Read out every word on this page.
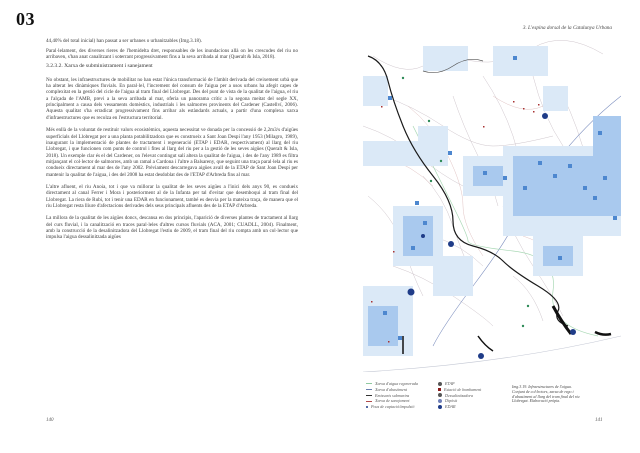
03	3. L'espina dorsal de la Catalunya Urbana

44,40% del total inicial) han passat a ser urbanes o urbanitzables (Img.3.18).

Paral·lelament, des diverses rieres de l'hemidelta dret, responsables de les inundacions allà on les crescudes del riu no arribaven, s'han anat canalitzant i soterrant progressivament fins a la seva arribada al mar (Queralt & Isla, 2018).

3.2.3.2. Xarxa de subministrament i sanejament

No obstant, les infraestructures de mobilitat no han estat l'única transformació de l'àmbit derivada del creixement urbà que ha alterat les dinàmiques fluvials. En paral·lel, l'increment del consum de l'aigua per a usos urbans ha afegit capes de complexitat en la gestió del cicle de l'aigua al tram final del Llobregat. Des del punt de vista de la qualitat de l'aigua, el riu a l'alçada de l'AMB, previ a la seva arribada al mar, oferia un panorama crític a la segona meitat del segle XX, principalment a causa dels vessaments domèstics, industrials i les salmorres provinents del Cardener (Castellví, 2006). Aquesta qualitat s'ha erradicat progressivament fins arribar als estàndards actuals, a partir d'una complexa xarxa d'infraestructures que es recolza en l'estructura territorial.

Més enllà de la voluntat de restituir valors ecosistèmics, aquesta necessitat ve donada per la concessió de 2,2m3/s d'aigües superficials del Llobregat per a una planta potabilitzadora que es construeix a Sant Joan Despí l'any 1953 (Milagro, 1989), inaugurant la implementació de plantes de tractament i regeneració (ETAP i EDAR, respectivament) al llarg del riu Llobregat, i que funcionen com punts de control i fites al llarg del riu per a la gestió de les seves aigües (Queralt & Isla, 2018). Un exemple clar és el del Cardener, on l'elevat contingut salí altera la qualitat de l'aigua, i des de l'any 1989 es filtra mitjançant el col·lector de salmorres, amb un ramal a Cardona i l'altre a Balsareny, que seguint una traça paral·lela al riu es condueix directament al mar des de l'any 2002. Prèviament descarregava aigües avall de la ETAP de Sant Joan Despí per mantenir la qualitat de l'aigua, i des del 2008 ha estat desdoblat des de l'ETAP d'Arbreda fins al mar.

L'altre afluent, el riu Anoia, tot i que va millorar la qualitat de les seves aigües a l'inici dels anys 90, es condueix directament al canal Ferrer i Mora i posteriorment al de la Infanta per tal d'evitar que desemboqui al tram final del Llobregat. La riera de Rubí, tot i tenir una EDAR en funcionament, també es desvia per la mateixa traça, de manera que el riu Llobregat resta lliure d'afectacions derivades dels seus principals afluents des de la ETAP d'Arbreda.

La millora de la qualitat de les aigües doncs, descansa en dos principis, l'aparició de diverses plantes de tractament al llarg del curs fluvial, i la canalització en traces paral·leles d'altres cursos fluvials (ACA, 2001; CUADLL, 2004). Finalment, amb la construcció de la desalinitzadora del Llobregat l'estiu de 2009, el tram final del riu compta amb un col·lector que impulsa l'aigua dessalinitzada aigües

140	141
Img.3.19. Infraestructures de l'aigua. Conjunt de col·lectors, xarxa de rego i d'abastiment al llarg del tram final del riu Llobregat. Elaboració pròpia.
Xarxa d'aigua regenerada
Xarxa d'abastiment
Emissaris submarins
Xarxa de sanejament
Pous de captació/impulsió
ETAP
Estació de bombament
Dessalinitzadora
Dipòsit
EDAR
